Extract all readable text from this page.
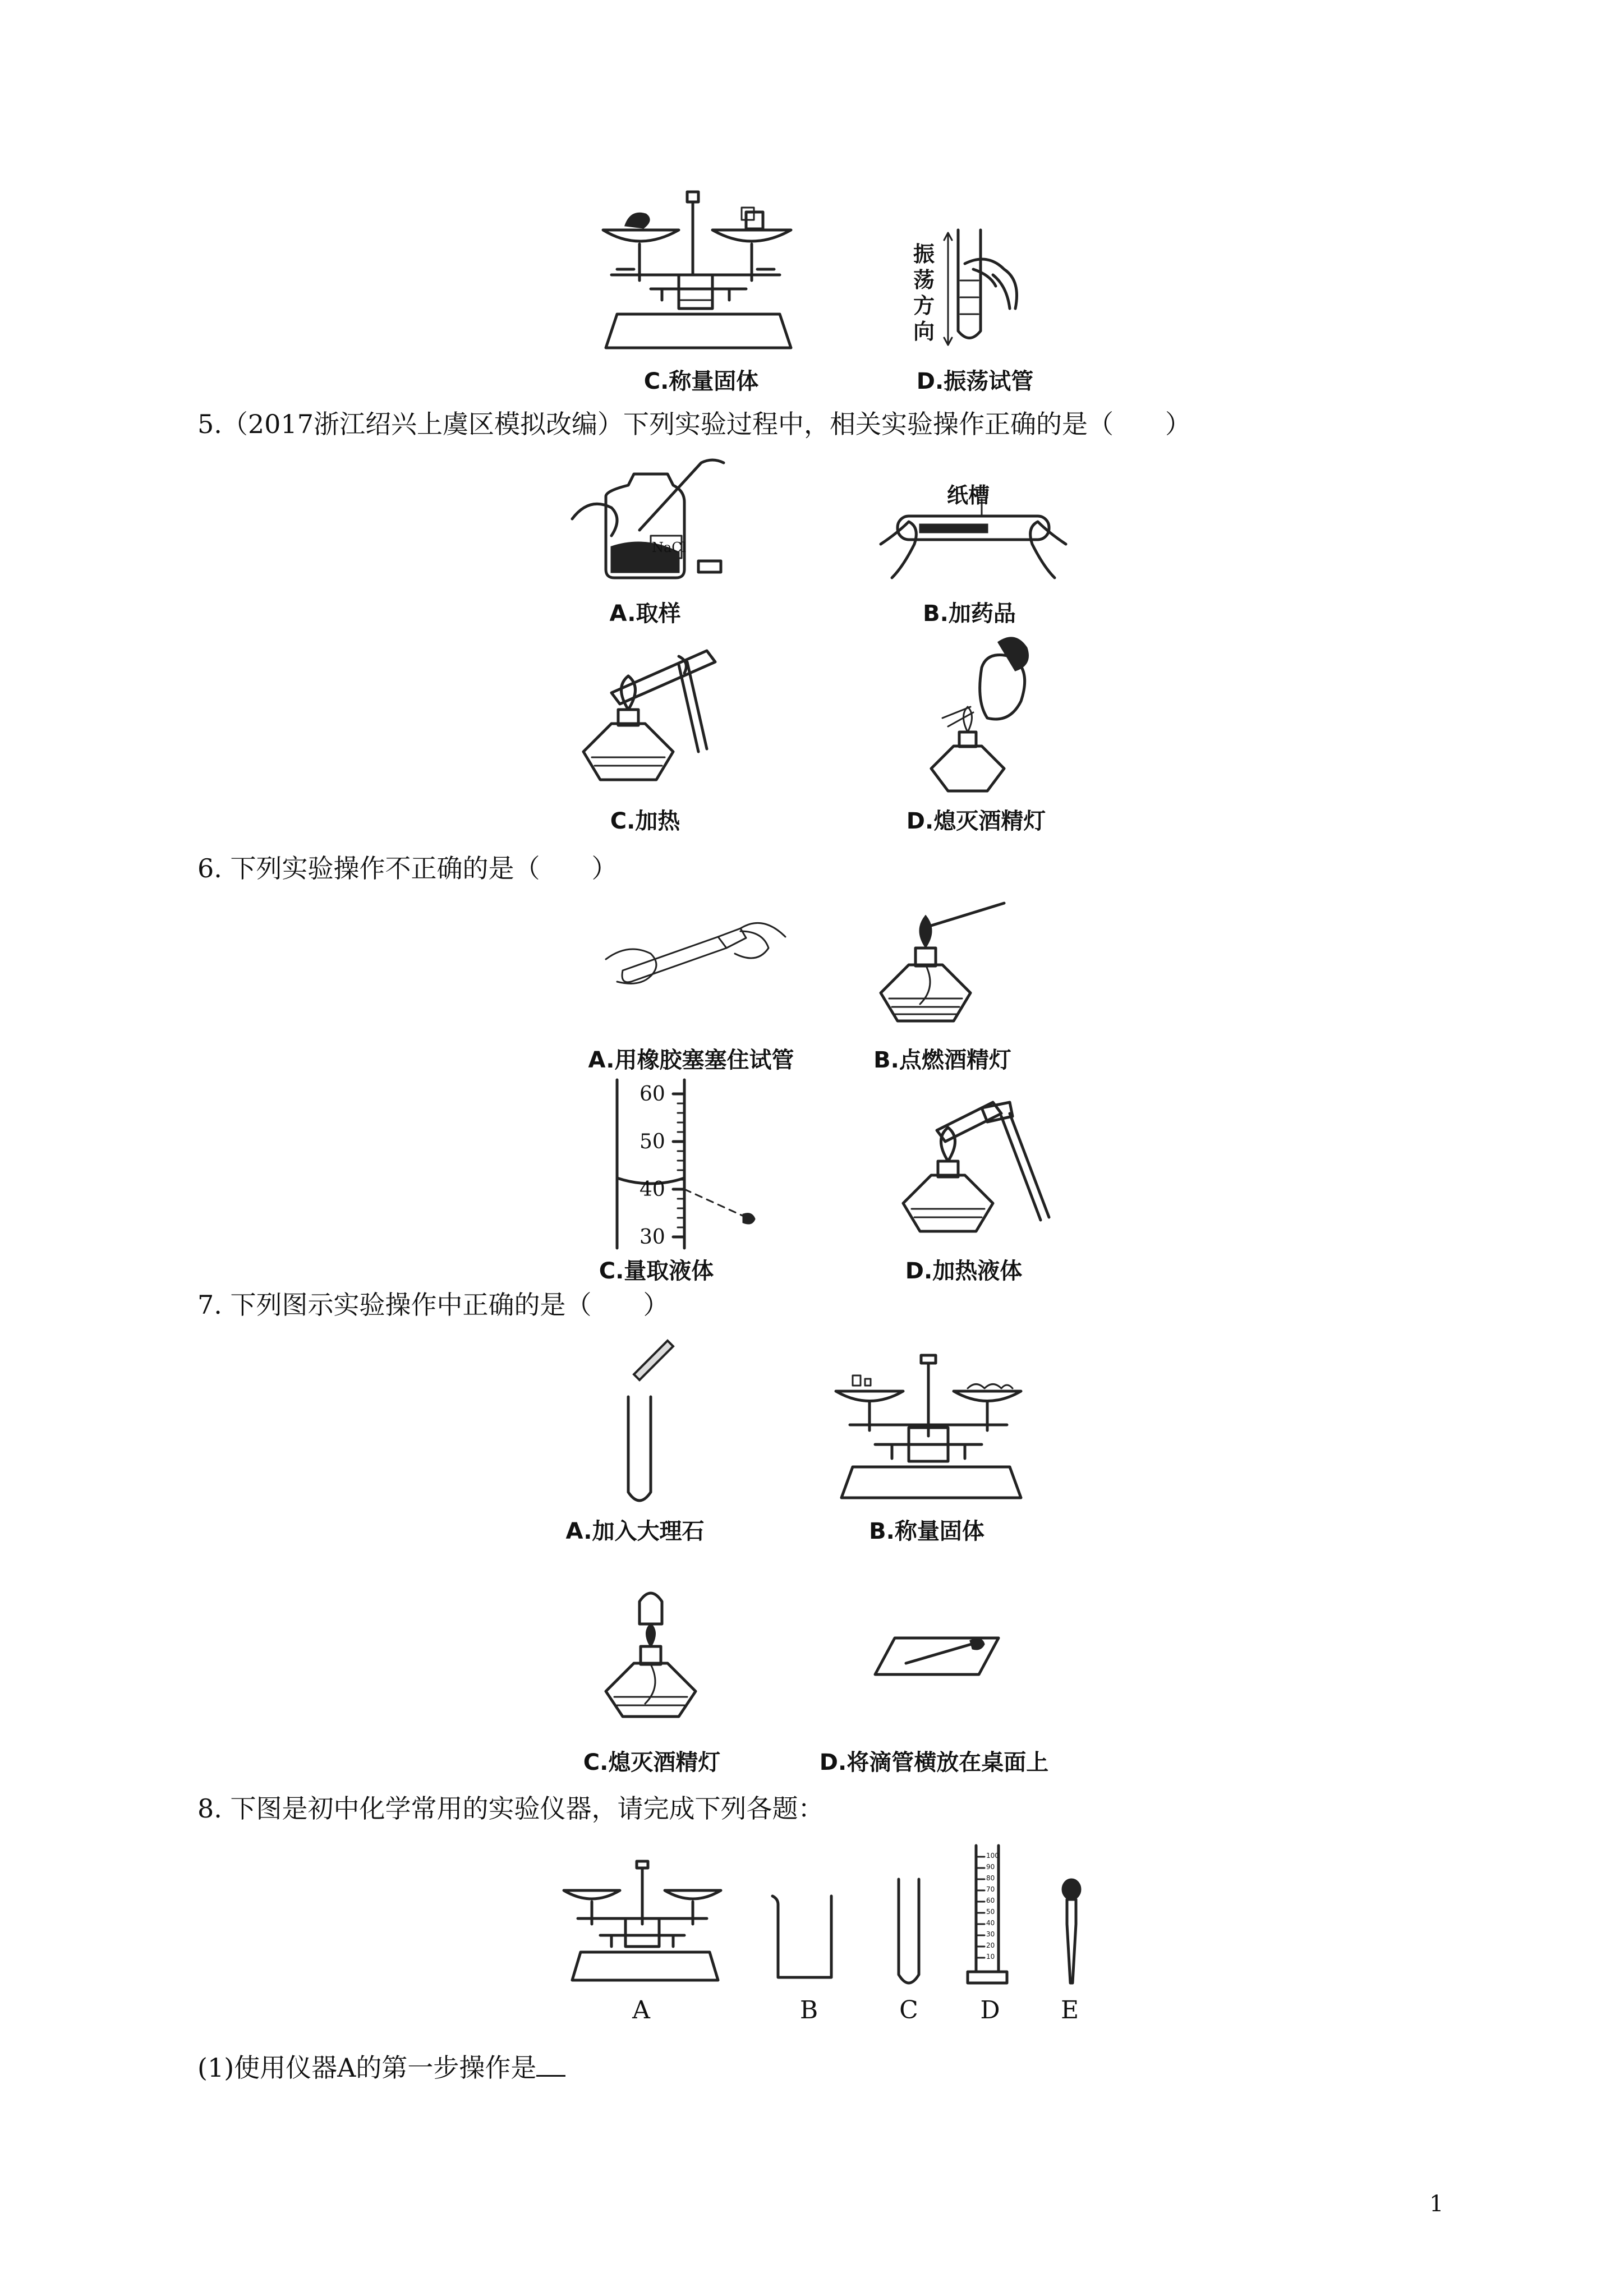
C.称量固体
振荡方向
D.振荡试管
5.（2017浙江绍兴上虞区模拟改编）下列实验过程中，相关实验操作正确的是（　　）
NaCl
A.取样
纸槽
B.加药品
C.加热	D.熄灭酒精灯
6. 下列实验操作不正确的是（　　）
A.用橡胶塞塞住试管	B.点燃酒精灯
60
50
40
30
C.量取液体	D.加热液体
7. 下列图示实验操作中正确的是（　　）
A.加入大理石	B.称量固体
C.熄灭酒精灯	D.将滴管横放在桌面上
8. 下图是初中化学常用的实验仪器，请完成下列各题：
100
90
80
70
60
50
40
30
20
10
A	B	C	D E
(1)使用仪器A的第一步操作是
1
